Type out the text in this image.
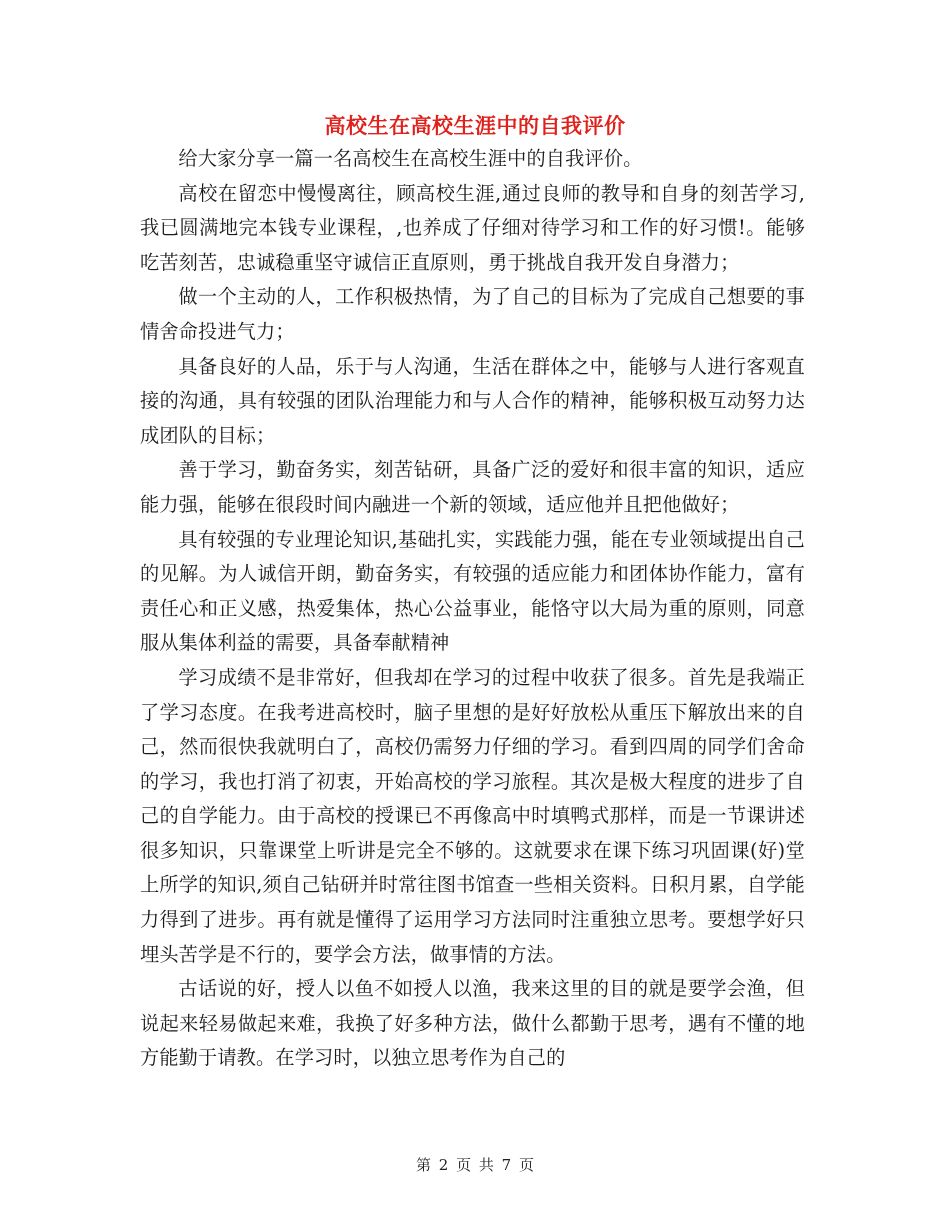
高校生在高校生涯中的自我评价

给大家分享一篇一名高校生在高校生涯中的自我评价。

高校在留恋中慢慢离往，顾高校生涯,通过良师的教导和自身的刻苦学习,我已圆满地完本钱专业课程，,也养成了仔细对待学习和工作的好习惯!。能够吃苦刻苦，忠诚稳重坚守诚信正直原则，勇于挑战自我开发自身潜力；

做一个主动的人，工作积极热情，为了自己的目标为了完成自己想要的事情舍命投进气力；

具备良好的人品，乐于与人沟通，生活在群体之中，能够与人进行客观直接的沟通，具有较强的团队治理能力和与人合作的精神，能够积极互动努力达成团队的目标；

善于学习，勤奋务实，刻苦钻研，具备广泛的爱好和很丰富的知识，适应能力强，能够在很段时间内融进一个新的领域，适应他并且把他做好；

具有较强的专业理论知识,基础扎实，实践能力强，能在专业领域提出自己的见解。为人诚信开朗，勤奋务实，有较强的适应能力和团体协作能力，富有责任心和正义感，热爱集体，热心公益事业，能恪守以大局为重的原则，同意服从集体利益的需要，具备奉献精神

学习成绩不是非常好，但我却在学习的过程中收获了很多。首先是我端正了学习态度。在我考进高校时，脑子里想的是好好放松从重压下解放出来的自己，然而很快我就明白了，高校仍需努力仔细的学习。看到四周的同学们舍命的学习，我也打消了初衷，开始高校的学习旅程。其次是极大程度的进步了自己的自学能力。由于高校的授课已不再像高中时填鸭式那样，而是一节课讲述很多知识，只靠课堂上听讲是完全不够的。这就要求在课下练习巩固课(好)堂上所学的知识,须自己钻研并时常往图书馆查一些相关资料。日积月累，自学能力得到了进步。再有就是懂得了运用学习方法同时注重独立思考。要想学好只埋头苦学是不行的，要学会方法，做事情的方法。

古话说的好，授人以鱼不如授人以渔，我来这里的目的就是要学会渔，但说起来轻易做起来难，我换了好多种方法，做什么都勤于思考，遇有不懂的地方能勤于请教。在学习时，以独立思考作为自己的

第 2 页 共 7 页
